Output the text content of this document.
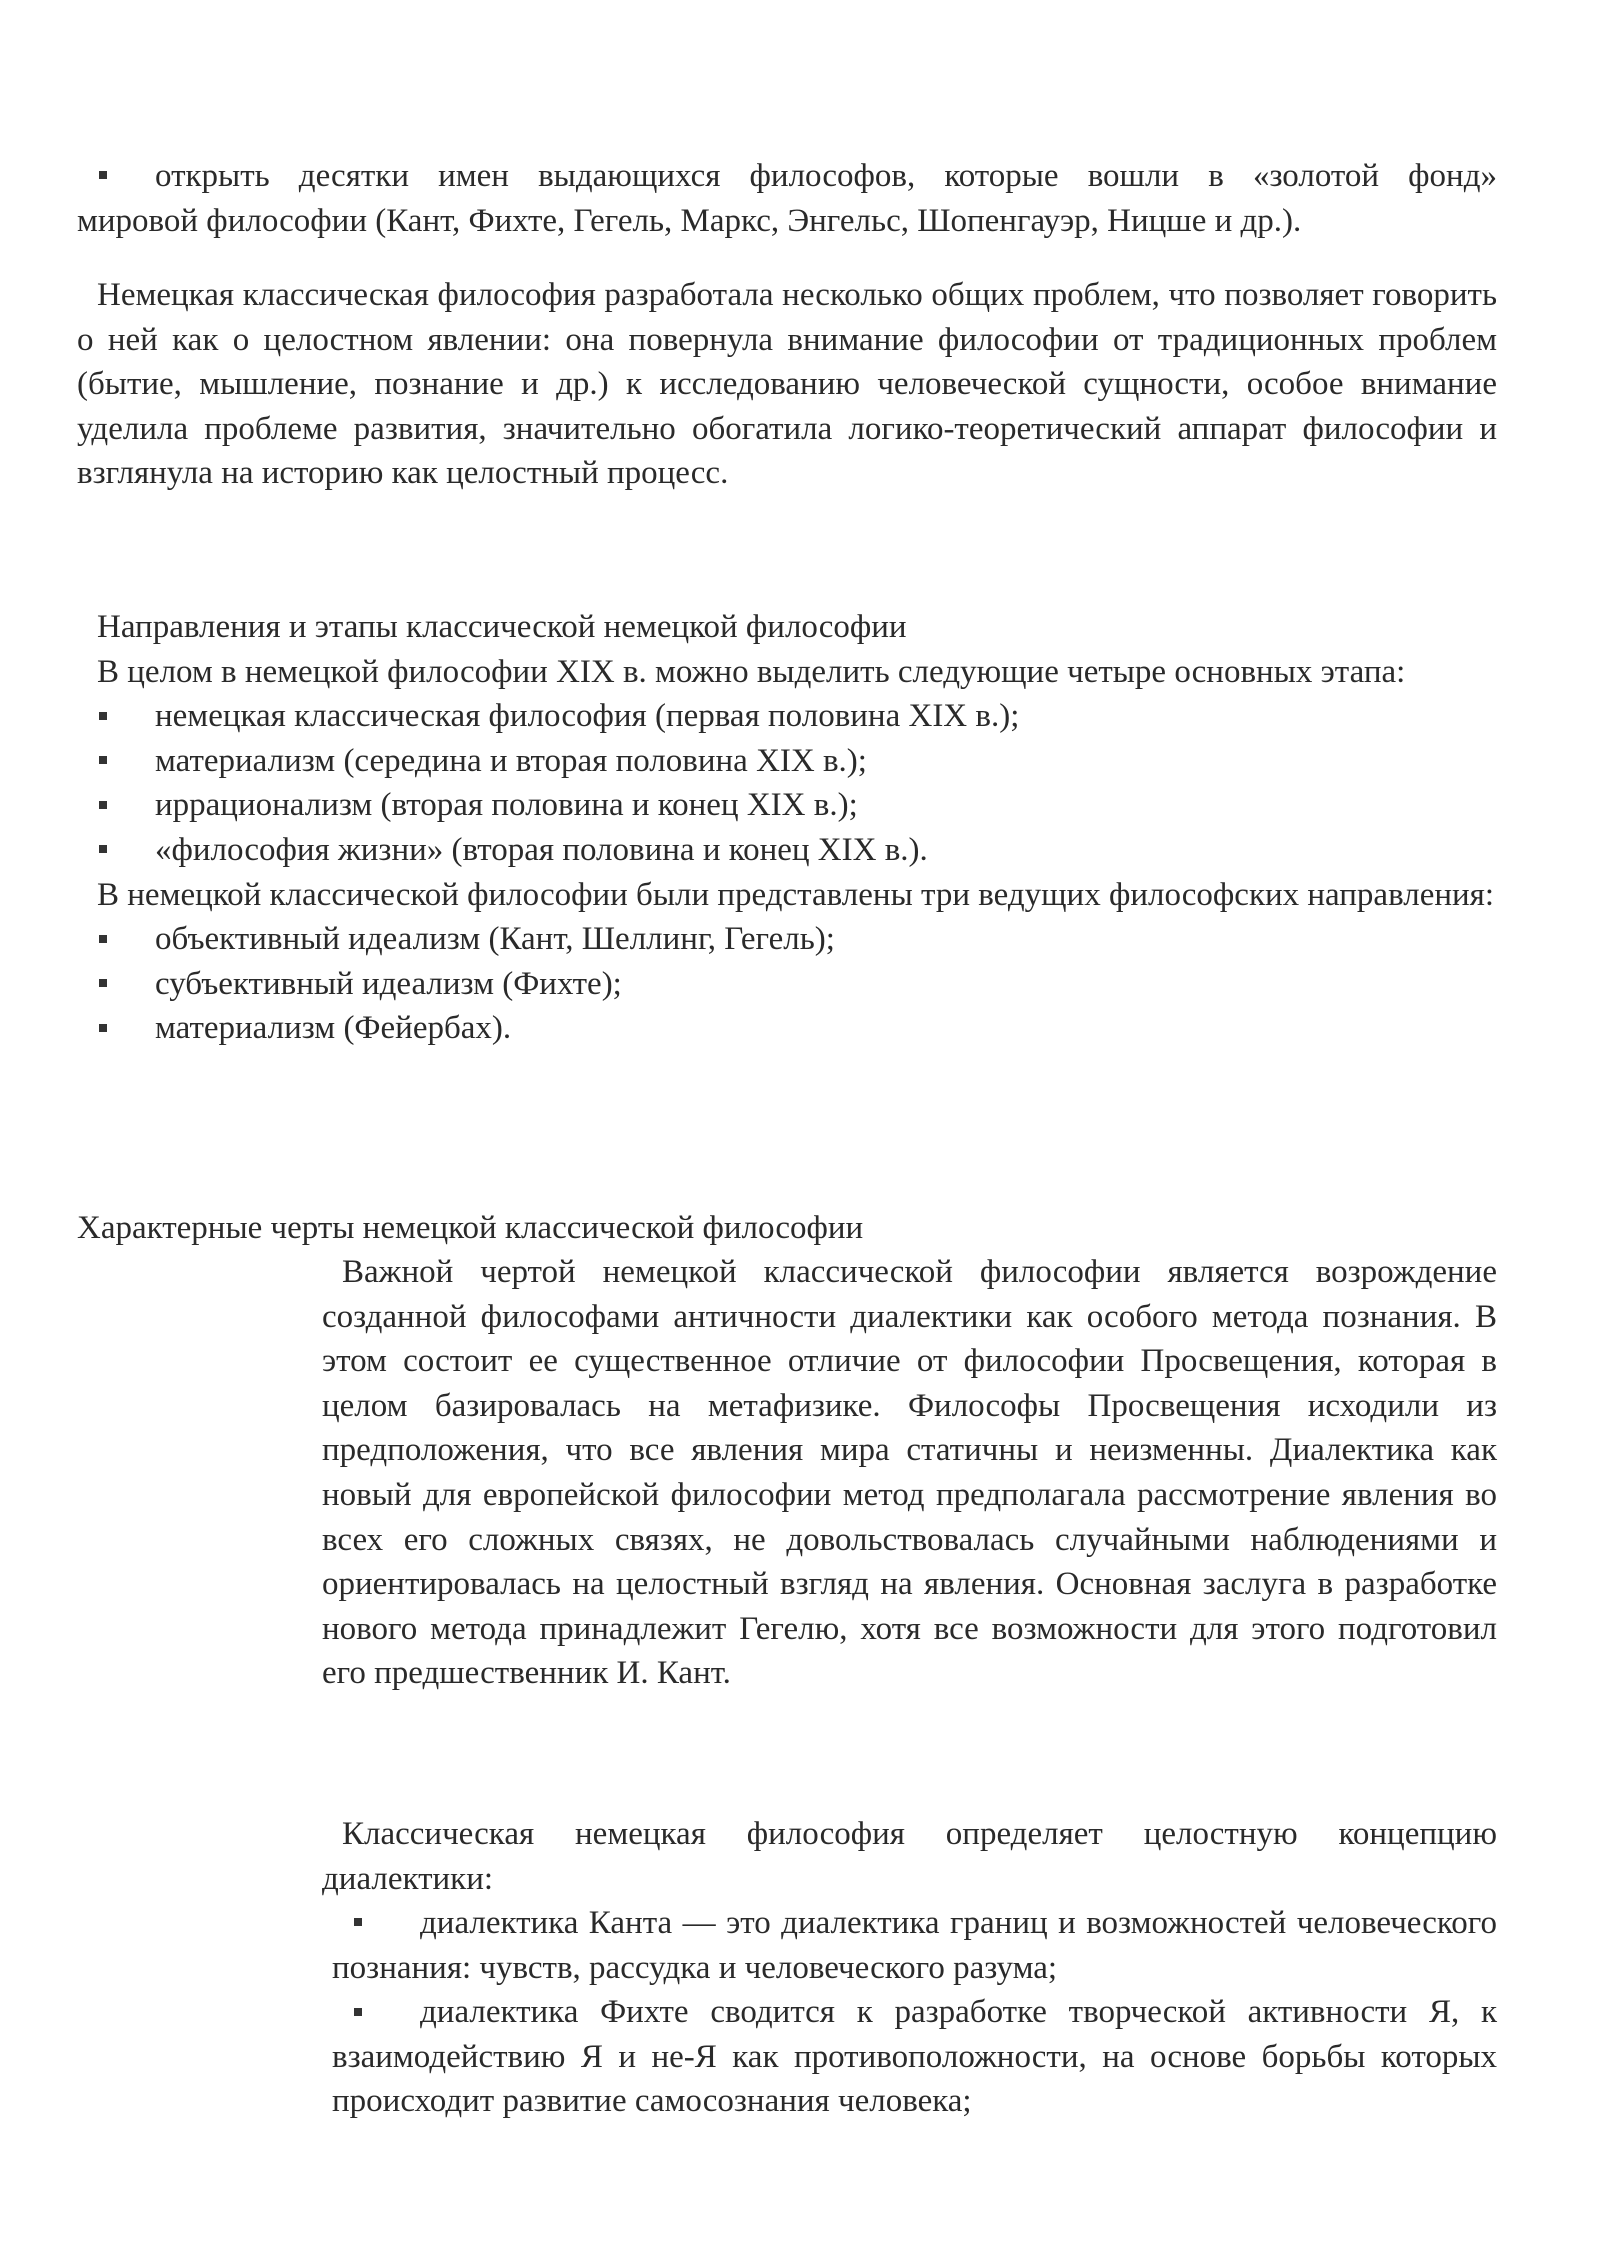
открыть десятки имен выдающихся философов, которые вошли в «золотой фонд»
мировой философии (Кант, Фихте, Гегель, Маркс, Энгельс, Шопенгауэр, Ницше и др.).

Немецкая классическая философия разработала несколько общих проблем, что позволяет говорить о ней как о целостном явлении: она повернула внимание философии от традиционных проблем (бытие, мышление, познание и др.) к исследованию человеческой сущности, особое внимание уделила проблеме развития, значительно обогатила логико-теоретический аппарат философии и взглянула на историю как целостный процесс.

Направления и этапы классической немецкой философии

В целом в немецкой философии XIX в. можно выделить следующие четыре основных этапа:

немецкая классическая философия (первая половина XIX в.);
материализм (середина и вторая половина XIX в.);
иррационализм (вторая половина и конец XIX в.);
«философия жизни» (вторая половина и конец XIX в.).

В немецкой классической философии были представлены три ведущих философских направления:

объективный идеализм (Кант, Шеллинг, Гегель);
субъективный идеализм (Фихте);
материализм (Фейербах).

Характерные черты немецкой классической философии

Важной чертой немецкой классической философии является возрождение созданной философами античности диалектики как особого метода познания. В этом состоит ее существенное отличие от философии Просвещения, которая в целом базировалась на метафизике. Философы Просвещения исходили из предположения, что все явления мира статичны и неизменны. Диалектика как новый для европейской философии метод предполагала рассмотрение явления во всех его сложных связях, не довольствовалась случайными наблюдениями и ориентировалась на целостный взгляд на явления. Основная заслуга в разработке нового метода принадлежит Гегелю, хотя все возможности для этого подготовил его предшественник И. Кант.

Классическая немецкая философия определяет целостную концепцию диалектики:

диалектика Канта — это диалектика границ и возможностей человеческого познания: чувств, рассудка и человеческого разума;

диалектика Фихте сводится к разработке творческой активности Я, к взаимодействию Я и не-Я как противоположности, на основе борьбы которых происходит развитие самосознания человека;
